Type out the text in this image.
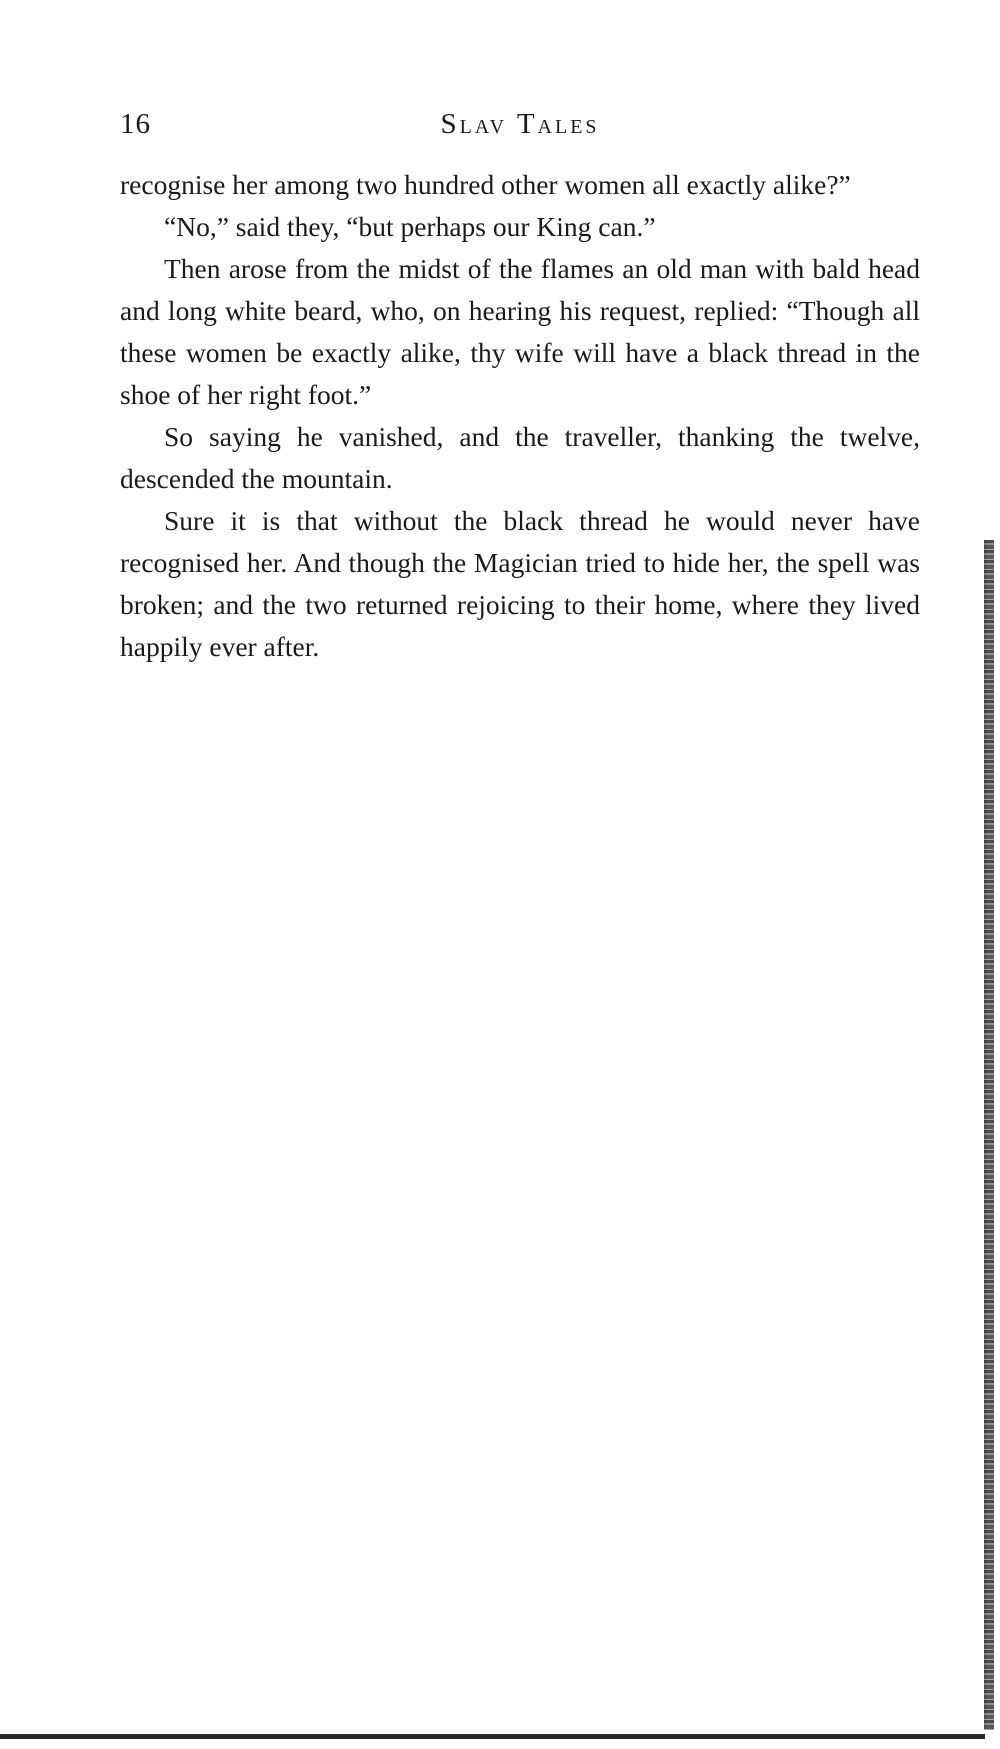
16	Slav Tales

recognise her among two hundred other women all exactly alike?”

“No,” said they, “but perhaps our King can.”

Then arose from the midst of the flames an old man with bald head and long white beard, who, on hearing his request, replied: “Though all these women be exactly alike, thy wife will have a black thread in the shoe of her right foot.”

So saying he vanished, and the traveller, thanking the twelve, descended the mountain.

Sure it is that without the black thread he would never have recognised her. And though the Magician tried to hide her, the spell was broken; and the two returned rejoicing to their home, where they lived happily ever after.
